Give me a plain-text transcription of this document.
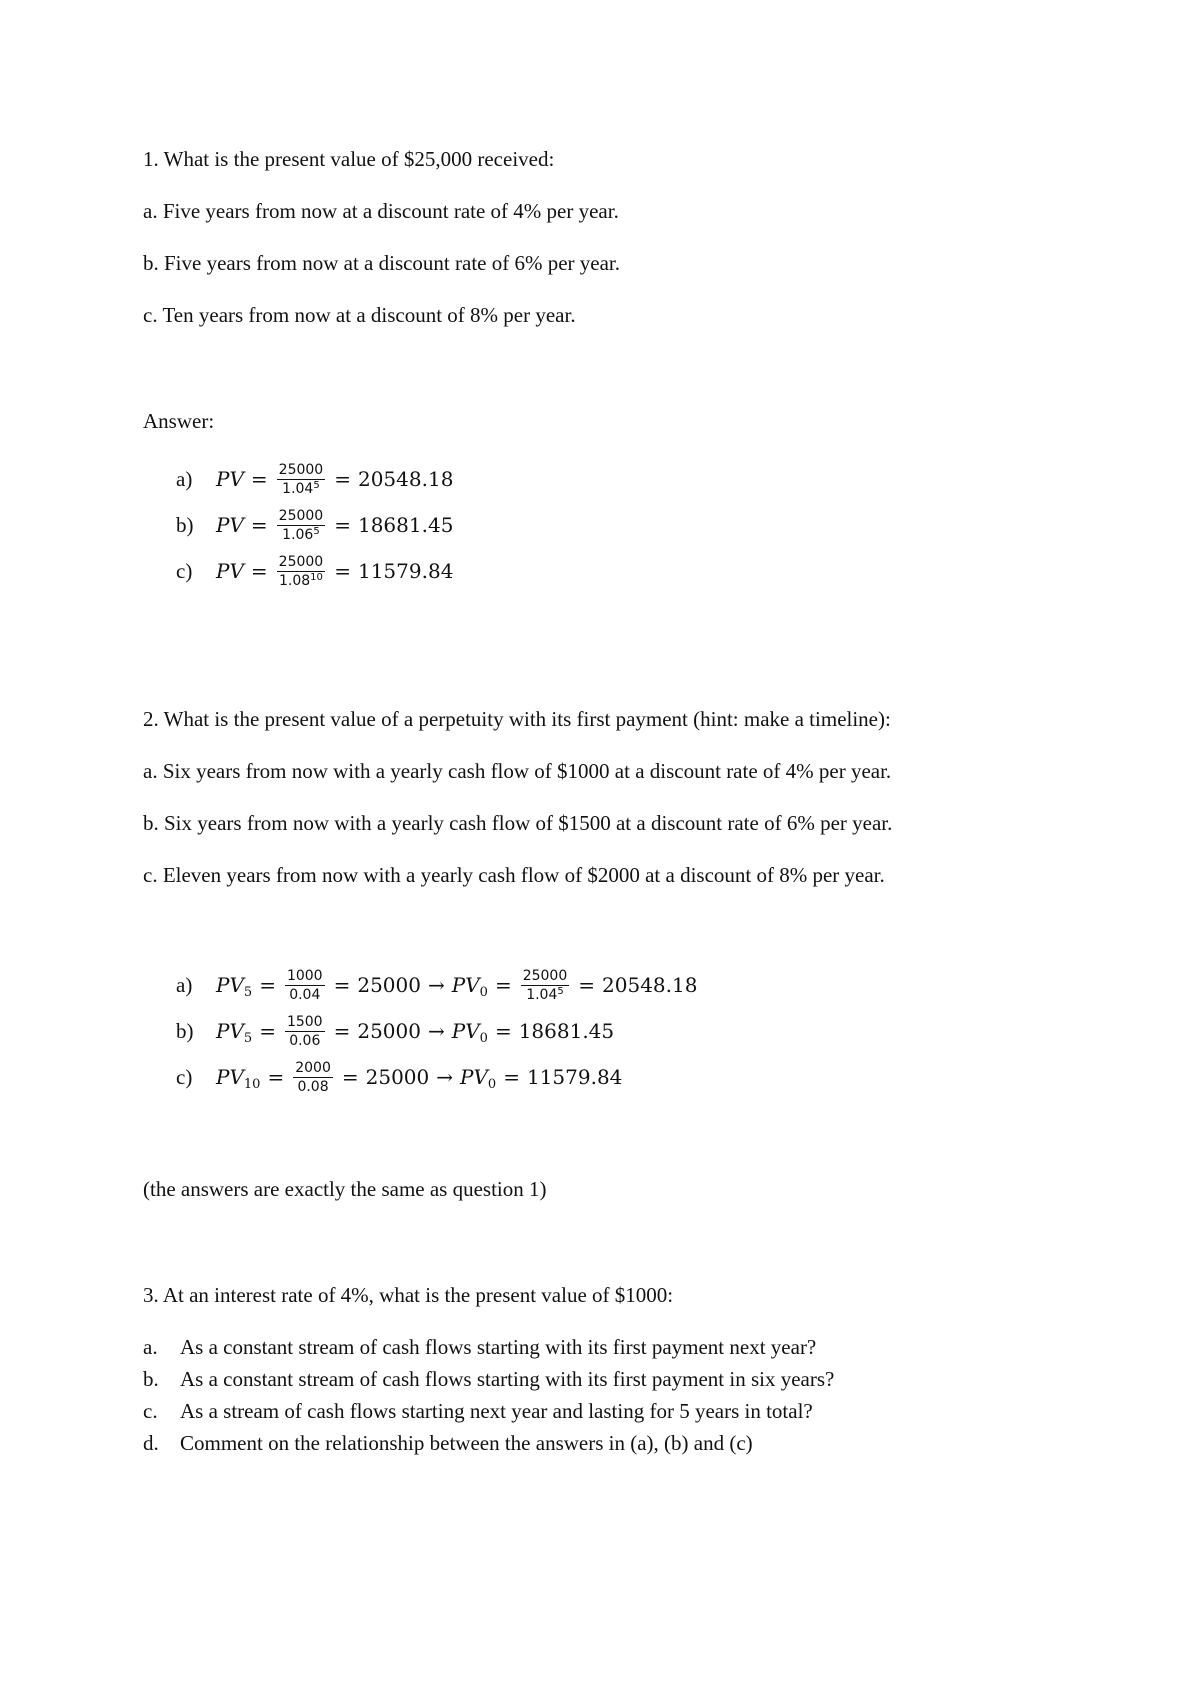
1. What is the present value of $25,000 received:
a. Five years from now at a discount rate of 4% per year.
b. Five years from now at a discount rate of 6% per year.
c. Ten years from now at a discount of 8% per year.
Answer:
a)	PV = $\frac{25000}{1.04^5} = 20548.18$
b)	PV = $\frac{25000}{1.06^5} = 18681.45$
c)	PV = $\frac{25000}{1.08^{10}} = 11579.84$
2. What is the present value of a perpetuity with its first payment (hint: make a timeline):
a. Six years from now with a yearly cash flow of $1000 at a discount rate of 4% per year.
b. Six years from now with a yearly cash flow of $1500 at a discount rate of 6% per year.
c. Eleven years from now with a yearly cash flow of $2000 at a discount of 8% per year.
a)	$PV_5 = \frac{1000}{0.04} = 25000 \to PV_0 = \frac{25000}{1.04^5} = 20548.18$
b)	$PV_5 = \frac{1500}{0.06} = 25000 \to PV_0 = 18681.45$
c)	$PV_{10} = \frac{2000}{0.08} = 25000 \to PV_0 = 11579.84$
(the answers are exactly the same as question 1)
3. At an interest rate of 4%, what is the present value of $1000:
a.	As a constant stream of cash flows starting with its first payment next year?
b.	As a constant stream of cash flows starting with its first payment in six years?
c.	As a stream of cash flows starting next year and lasting for 5 years in total?
d.	Comment on the relationship between the answers in (a), (b) and (c)
